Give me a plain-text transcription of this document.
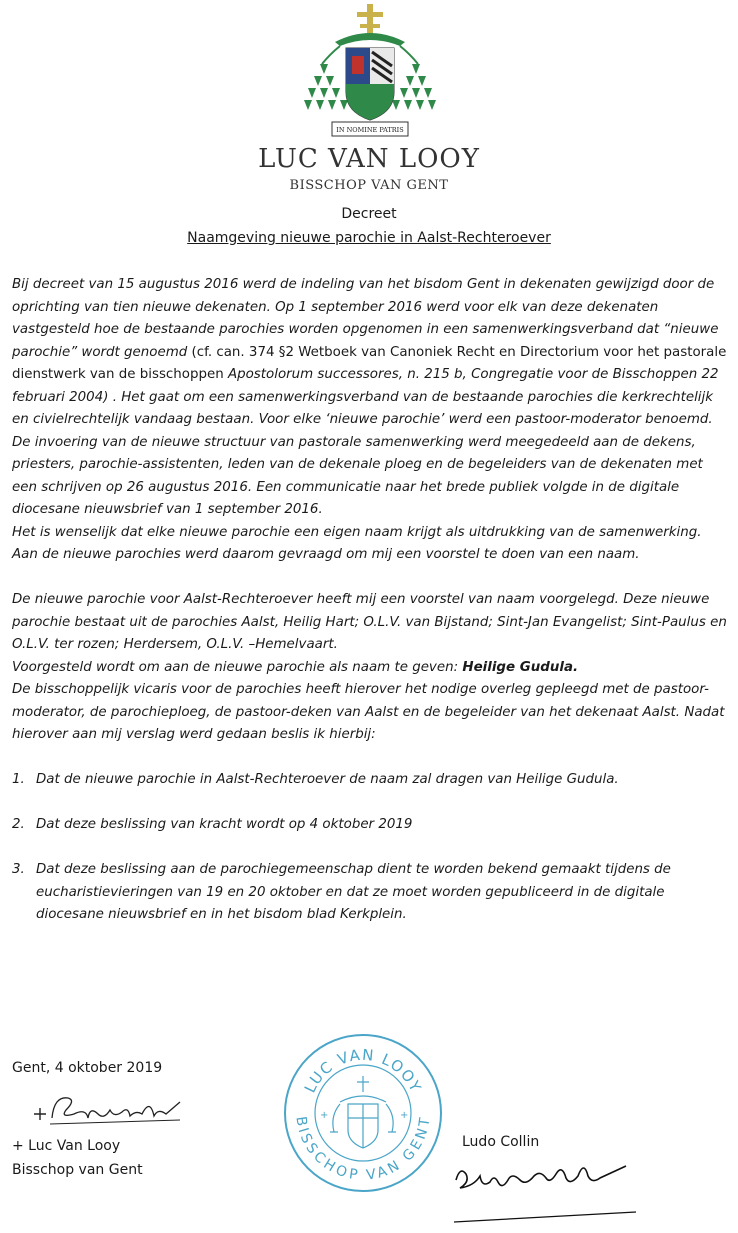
IN NOMINE PATRIS
LUC VAN LOOY
BISSCHOP VAN GENT
Decreet
Naamgeving nieuwe parochie in Aalst-Rechteroever

Bij decreet van 15 augustus 2016 werd de indeling van het bisdom Gent in dekenaten gewijzigd door de oprichting van tien nieuwe dekenaten. Op 1 september 2016 werd voor elk van deze dekenaten vastgesteld hoe de bestaande parochies worden opgenomen in een samenwerkingsverband dat “nieuwe parochie” wordt genoemd (cf. can. 374 §2 Wetboek van Canoniek Recht en Directorium voor het pastorale dienstwerk van de bisschoppen Apostolorum successores, n. 215 b, Congregatie voor de Bisschoppen 22 februari 2004) . Het gaat om een samenwerkingsverband van de bestaande parochies die kerkrechtelijk en civielrechtelijk vandaag bestaan. Voor elke ‘nieuwe parochie’ werd een pastoor-moderator benoemd.

De invoering van de nieuwe structuur van pastorale samenwerking werd meegedeeld aan de dekens, priesters, parochie-assistenten, leden van de dekenale ploeg en de begeleiders van de dekenaten met een schrijven op 26 augustus 2016. Een communicatie naar het brede publiek volgde in de digitale diocesane nieuwsbrief van 1 september 2016.

Het is wenselijk dat elke nieuwe parochie een eigen naam krijgt als uitdrukking van de samenwerking. Aan de nieuwe parochies werd daarom gevraagd om mij een voorstel te doen van een naam.

De nieuwe parochie voor Aalst-Rechteroever heeft mij een voorstel van naam voorgelegd. Deze nieuwe parochie bestaat uit de parochies Aalst, Heilig Hart; O.L.V. van Bijstand; Sint-Jan Evangelist; Sint-Paulus en O.L.V. ter rozen; Herdersem, O.L.V. –Hemelvaart.

Voorgesteld wordt om aan de nieuwe parochie als naam te geven: Heilige Gudula.

De bisschoppelijk vicaris voor de parochies heeft hierover het nodige overleg gepleegd met de pastoor-moderator, de parochieploeg, de pastoor-deken van Aalst en de begeleider van het dekenaat Aalst. Nadat hierover aan mij verslag werd gedaan beslis ik hierbij:

1. Dat de nieuwe parochie in Aalst-Rechteroever de naam zal dragen van Heilige Gudula.
2. Dat deze beslissing van kracht wordt op 4 oktober 2019
3. Dat deze beslissing aan de parochiegemeenschap dient te worden bekend gemaakt tijdens de eucharistievieringen van 19 en 20 oktober en dat ze moet worden gepubliceerd in de digitale diocesane nieuwsbrief en in het bisdom blad Kerkplein.
Gent, 4 oktober 2019
+ Luc Van Looy
Bisschop van Gent
LUC VAN LOOY
BISSCHOP VAN GENT
+	+
Ludo Collin
